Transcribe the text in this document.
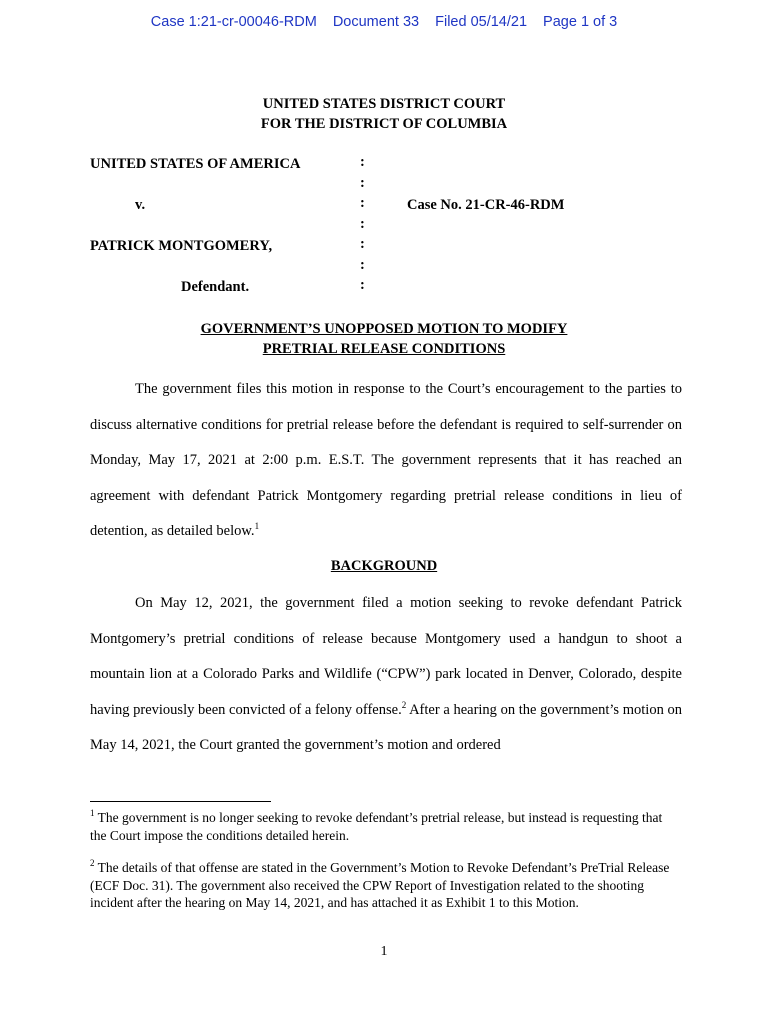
Case 1:21-cr-00046-RDM Document 33 Filed 05/14/21 Page 1 of 3
UNITED STATES DISTRICT COURT
FOR THE DISTRICT OF COLUMBIA
UNITED STATES OF AMERICA
v.
PATRICK MONTGOMERY,
Defendant.
Case No. 21-CR-46-RDM
:
:
:
:
:
:
:
GOVERNMENT’S UNOPPOSED MOTION TO MODIFY
PRETRIAL RELEASE CONDITIONS
The government files this motion in response to the Court’s encouragement to the parties to discuss alternative conditions for pretrial release before the defendant is required to self-surrender on Monday, May 17, 2021 at 2:00 p.m. E.S.T. The government represents that it has reached an agreement with defendant Patrick Montgomery regarding pretrial release conditions in lieu of detention, as detailed below.$^1$
BACKGROUND
On May 12, 2021, the government filed a motion seeking to revoke defendant Patrick Montgomery’s pretrial conditions of release because Montgomery used a handgun to shoot a mountain lion at a Colorado Parks and Wildlife (“CPW”) park located in Denver, Colorado, despite having previously been convicted of a felony offense.$^2$ After a hearing on the government’s motion on May 14, 2021, the Court granted the government’s motion and ordered
$^1$ The government is no longer seeking to revoke defendant’s pretrial release, but instead is requesting that the Court impose the conditions detailed herein.
$^2$ The details of that offense are stated in the Government’s Motion to Revoke Defendant’s PreTrial Release (ECF Doc. 31). The government also received the CPW Report of Investigation related to the shooting incident after the hearing on May 14, 2021, and has attached it as Exhibit 1 to this Motion.
1
